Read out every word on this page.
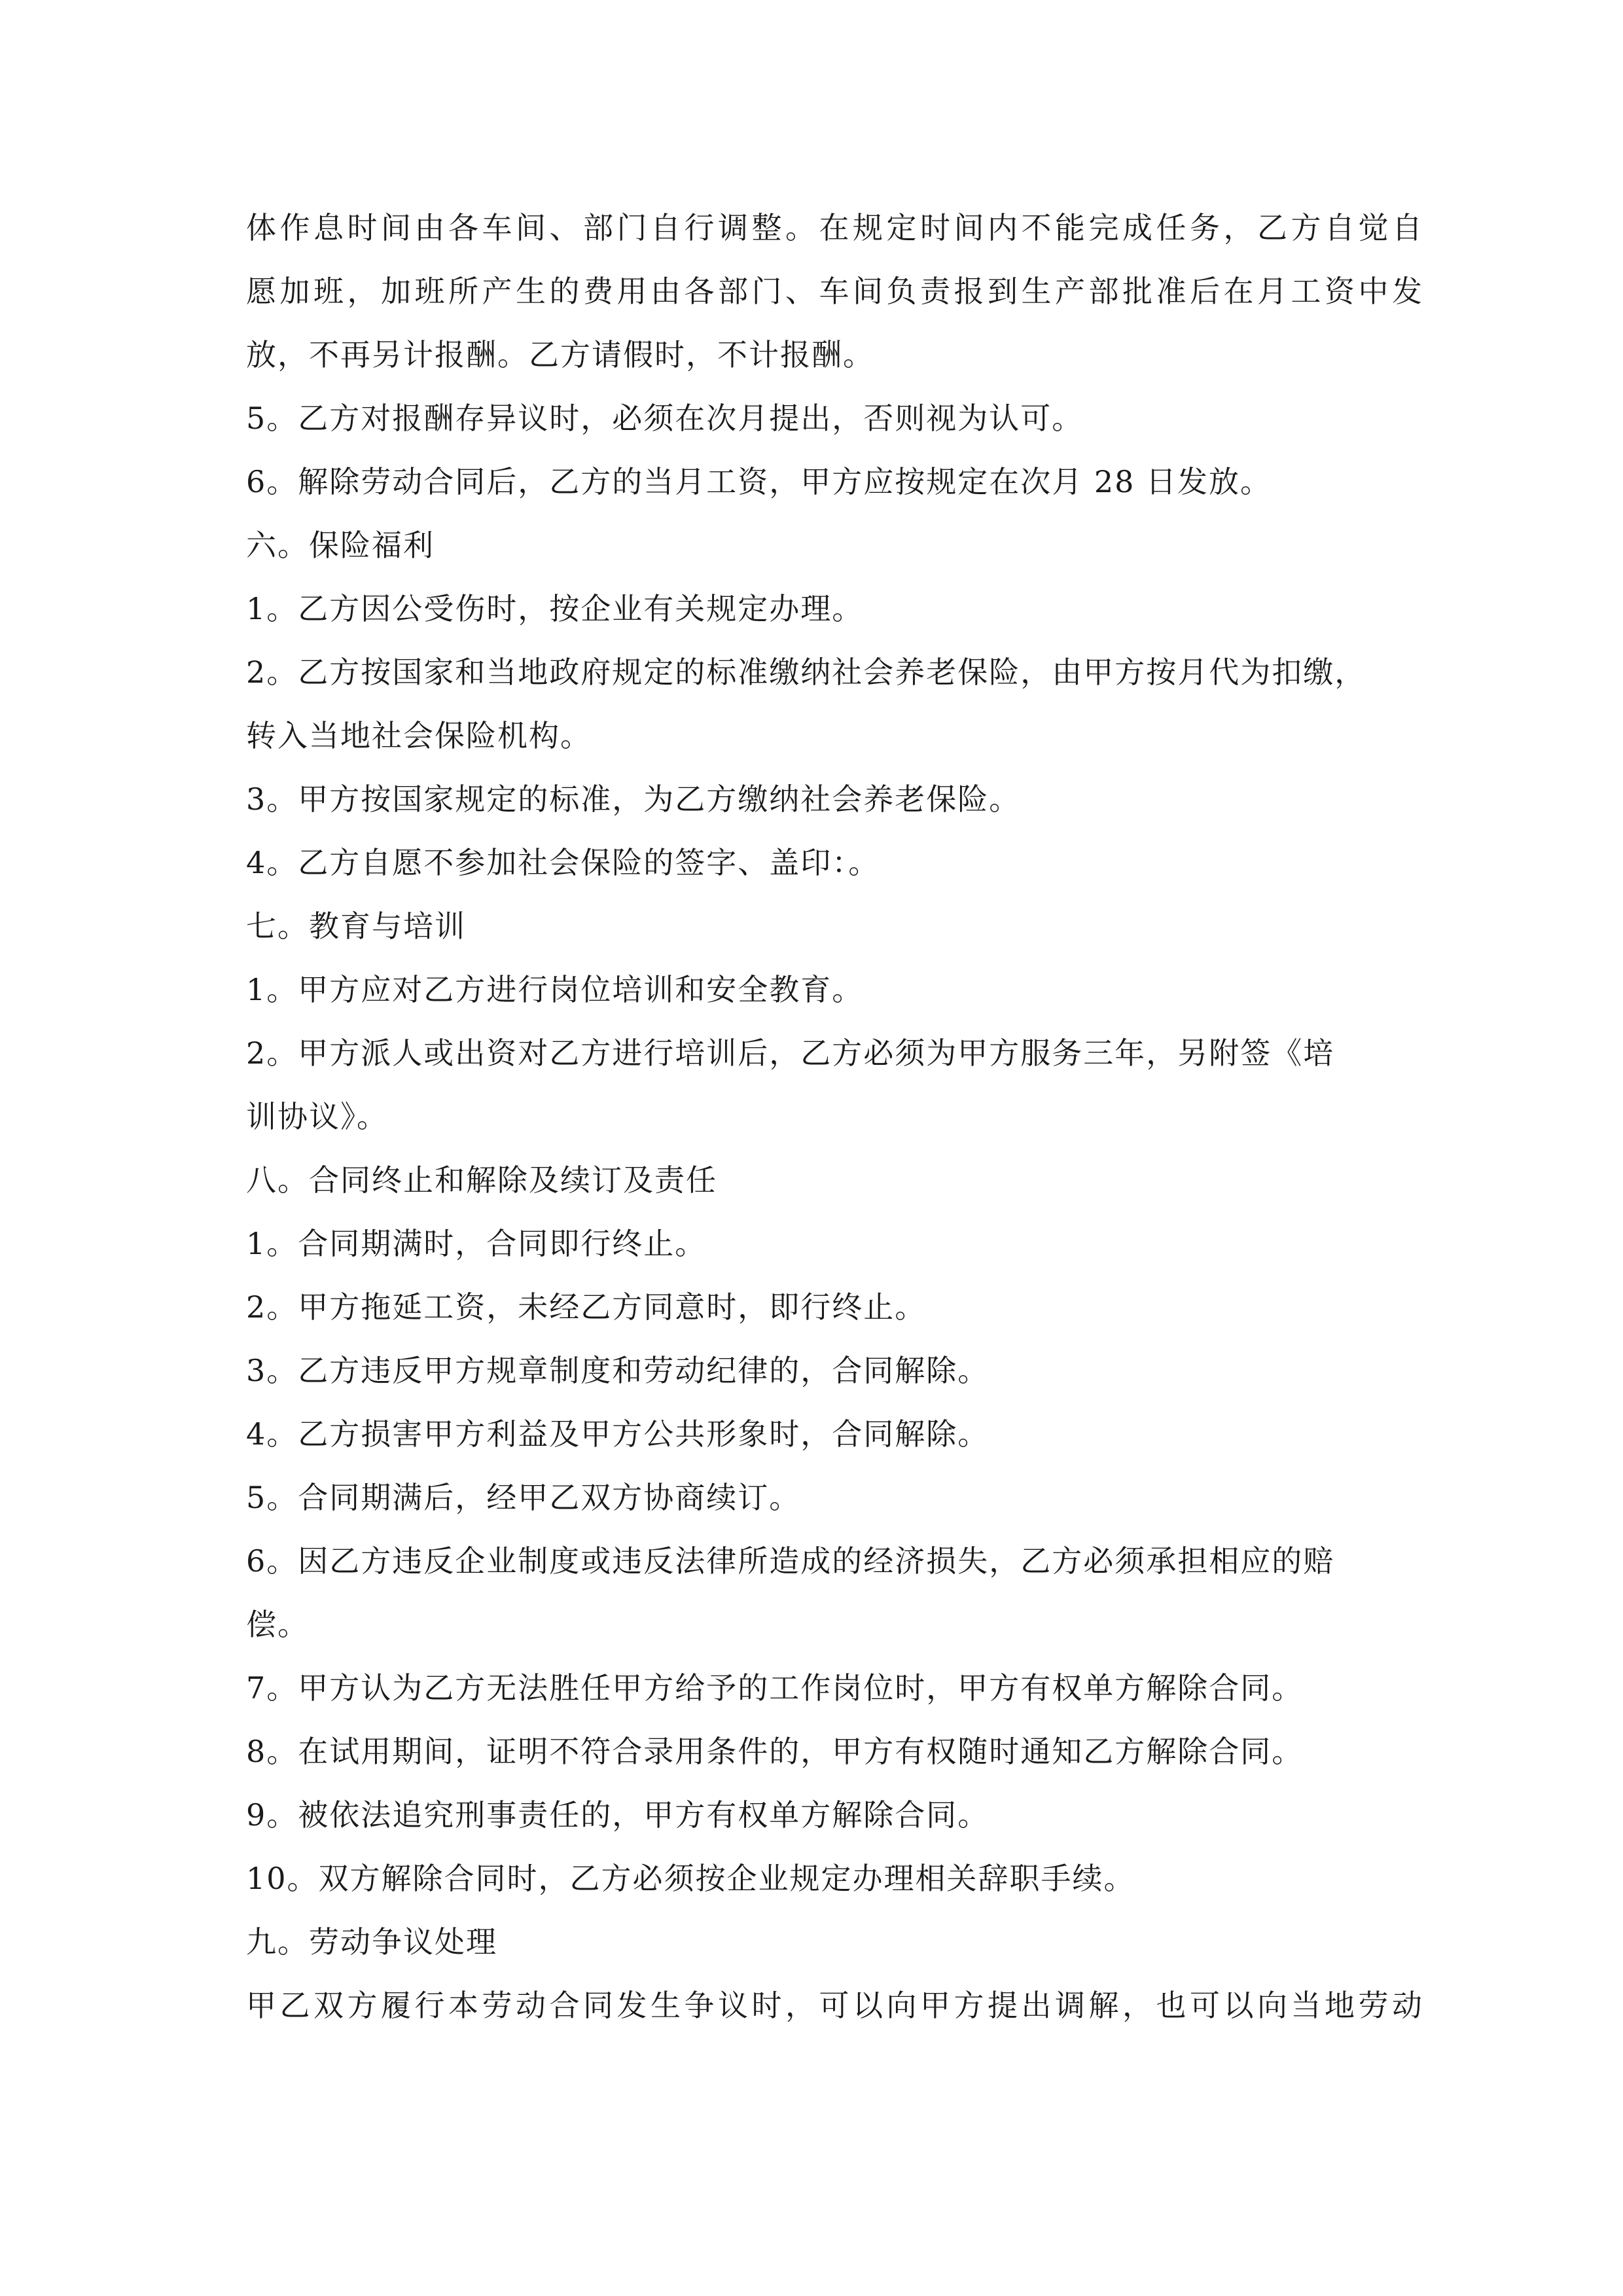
体作息时间由各车间、部门自行调整。在规定时间内不能完成任务，乙方自觉自
愿加班，加班所产生的费用由各部门、车间负责报到生产部批准后在月工资中发
放，不再另计报酬。乙方请假时，不计报酬。
5。乙方对报酬存异议时，必须在次月提出，否则视为认可。
6。解除劳动合同后，乙方的当月工资，甲方应按规定在次月 28 日发放。
六。保险福利
1。乙方因公受伤时，按企业有关规定办理。
2。乙方按国家和当地政府规定的标准缴纳社会养老保险，由甲方按月代为扣缴，
转入当地社会保险机构。
3。甲方按国家规定的标准，为乙方缴纳社会养老保险。
4。乙方自愿不参加社会保险的签字、盖印：。
七。教育与培训
1。甲方应对乙方进行岗位培训和安全教育。
2。甲方派人或出资对乙方进行培训后，乙方必须为甲方服务三年，另附签《培
训协议》。
八。合同终止和解除及续订及责任
1。合同期满时，合同即行终止。
2。甲方拖延工资，未经乙方同意时，即行终止。
3。乙方违反甲方规章制度和劳动纪律的，合同解除。
4。乙方损害甲方利益及甲方公共形象时，合同解除。
5。合同期满后，经甲乙双方协商续订。
6。因乙方违反企业制度或违反法律所造成的经济损失，乙方必须承担相应的赔
偿。
7。甲方认为乙方无法胜任甲方给予的工作岗位时，甲方有权单方解除合同。
8。在试用期间，证明不符合录用条件的，甲方有权随时通知乙方解除合同。
9。被依法追究刑事责任的，甲方有权单方解除合同。
10。双方解除合同时，乙方必须按企业规定办理相关辞职手续。
九。劳动争议处理
甲乙双方履行本劳动合同发生争议时，可以向甲方提出调解，也可以向当地劳动
